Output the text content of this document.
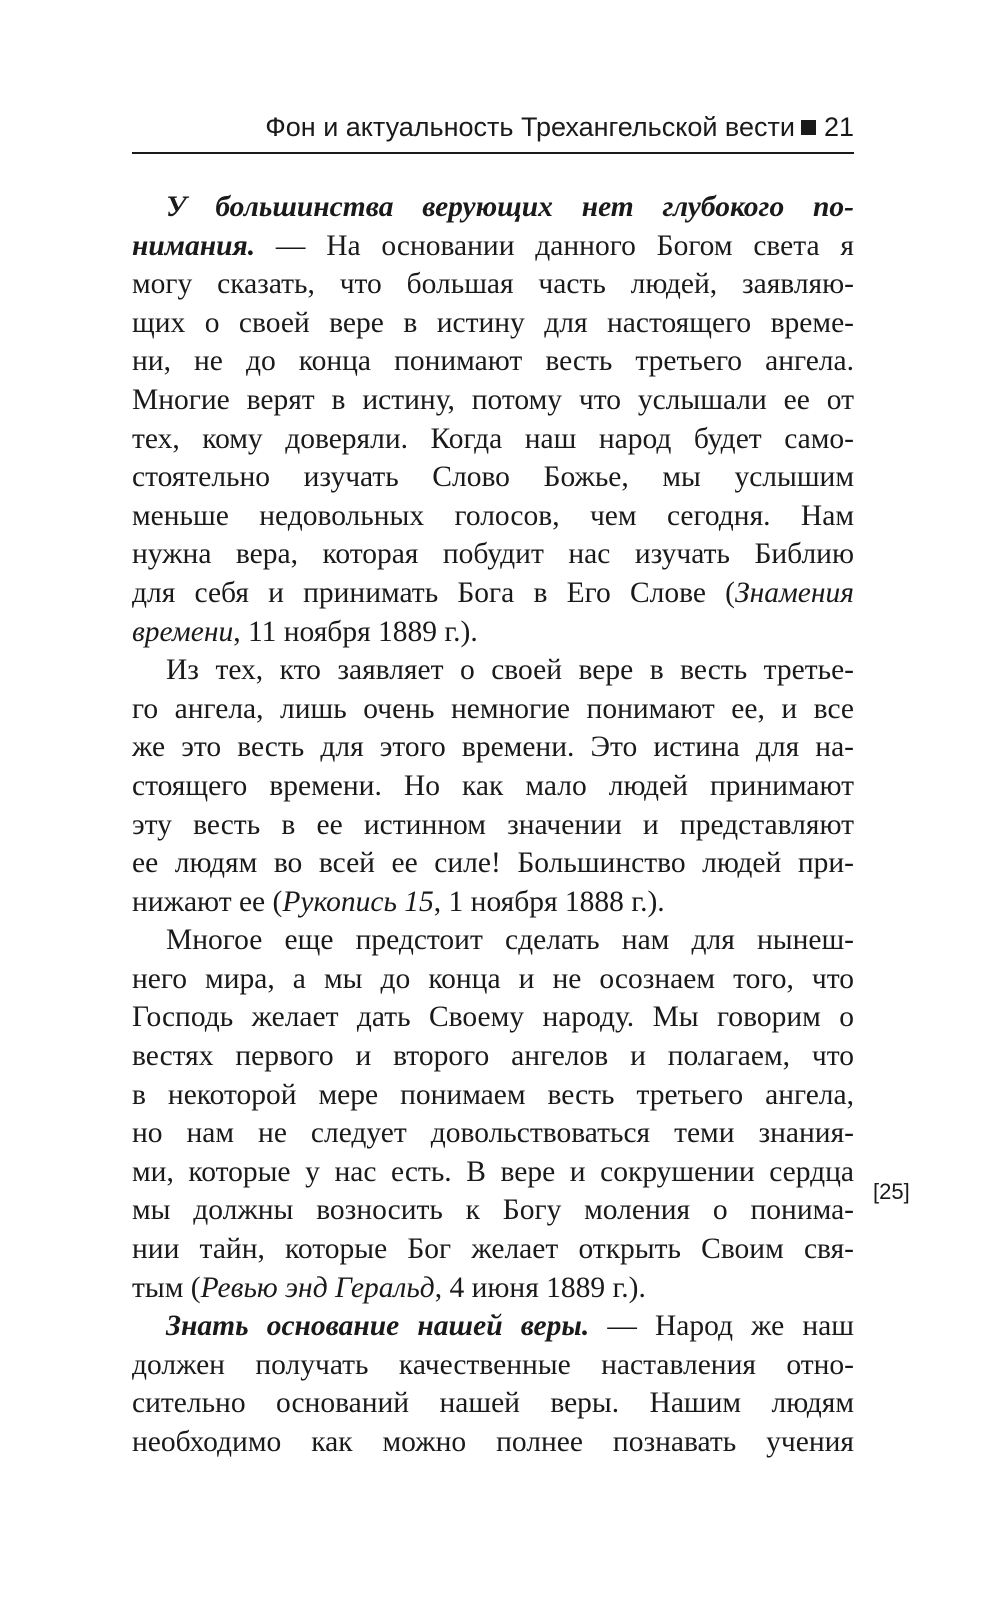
Фон и актуальность Трехангельской вести 21
У большинства верующих нет глубокого по-
нимания. — На основании данного Богом света я
могу сказать, что большая часть людей, заявляю-
щих о своей вере в истину для настоящего време-
ни, не до конца понимают весть третьего ангела.
Многие верят в истину, потому что услышали ее от
тех, кому доверяли. Когда наш народ будет само-
стоятельно изучать Слово Божье, мы услышим
меньше недовольных голосов, чем сегодня. Нам
нужна вера, которая побудит нас изучать Библию
для себя и принимать Бога в Его Слове (Знамения
времени, 11 ноября 1889 г.).
Из тех, кто заявляет о своей вере в весть третье-
го ангела, лишь очень немногие понимают ее, и все
же это весть для этого времени. Это истина для на-
стоящего времени. Но как мало людей принимают
эту весть в ее истинном значении и представляют
ее людям во всей ее силе! Большинство людей при-
нижают ее (Рукопись 15, 1 ноября 1888 г.).
Многое еще предстоит сделать нам для нынеш-
него мира, а мы до конца и не осознаем того, что
Господь желает дать Своему народу. Мы говорим о
вестях первого и второго ангелов и полагаем, что
в некоторой мере понимаем весть третьего ангела,
но нам не следует довольствоваться теми знания-
ми, которые у нас есть. В вере и сокрушении сердца
мы должны возносить к Богу моления о понима-
нии тайн, которые Бог желает открыть Своим свя-
тым (Ревью энд Геральд, 4 июня 1889 г.).
Знать основание нашей веры. — Народ же наш
должен получать качественные наставления отно-
сительно оснований нашей веры. Нашим людям
необходимо как можно полнее познавать учения
[25]
